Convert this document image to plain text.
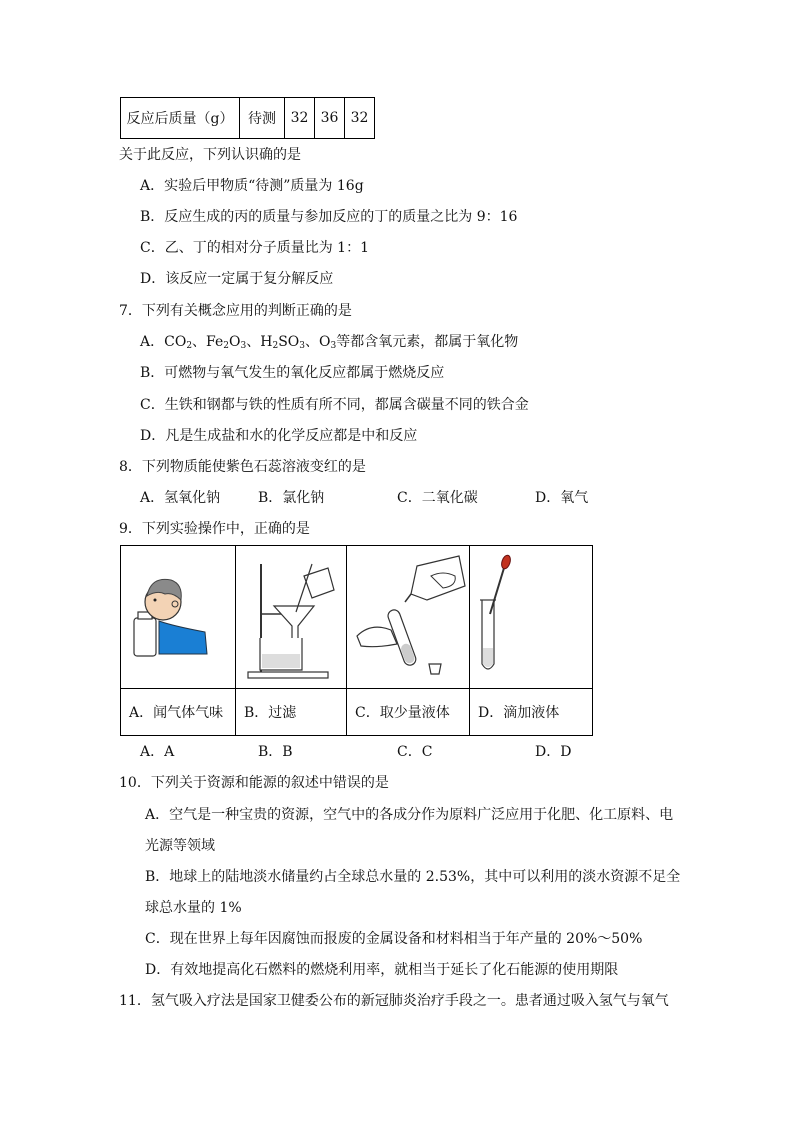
反应后质量（g）	待测	32	36	32
关于此反应，下列认识确的是
A．实验后甲物质“待测”质量为 16g
B．反应生成的丙的质量与参加反应的丁的质量之比为 9：16
C．乙、丁的相对分子质量比为 1：1
D．该反应一定属于复分解反应
7．下列有关概念应用的判断正确的是
A．$CO_2$、$Fe_2O_3$、$H_2SO_3$、$O_3$等都含氧元素，都属于氧化物
B．可燃物与氧气发生的氧化反应都属于燃烧反应
C．生铁和钢都与铁的性质有所不同，都属含碳量不同的铁合金
D．凡是生成盐和水的化学反应都是中和反应
8．下列物质能使紫色石蕊溶液变红的是
A．氢氧化钠	B．氯化钠	C．二氧化碳	D．氧气
9．下列实验操作中，正确的是

A．闻气体气味	B．过滤	C．取少量液体	D．滴加液体
A．A	B．B	C．C	D．D
10．下列关于资源和能源的叙述中错误的是
A．空气是一种宝贵的资源，空气中的各成分作为原料广泛应用于化肥、化工原料、电
光源等领域
B．地球上的陆地淡水储量约占全球总水量的 2.53%，其中可以利用的淡水资源不足全
球总水量的 1%
C．现在世界上每年因腐蚀而报废的金属设备和材料相当于年产量的 20%～50%
D．有效地提高化石燃料的燃烧利用率，就相当于延长了化石能源的使用期限
11．氢气吸入疗法是国家卫健委公布的新冠肺炎治疗手段之一。患者通过吸入氢气与氧气
